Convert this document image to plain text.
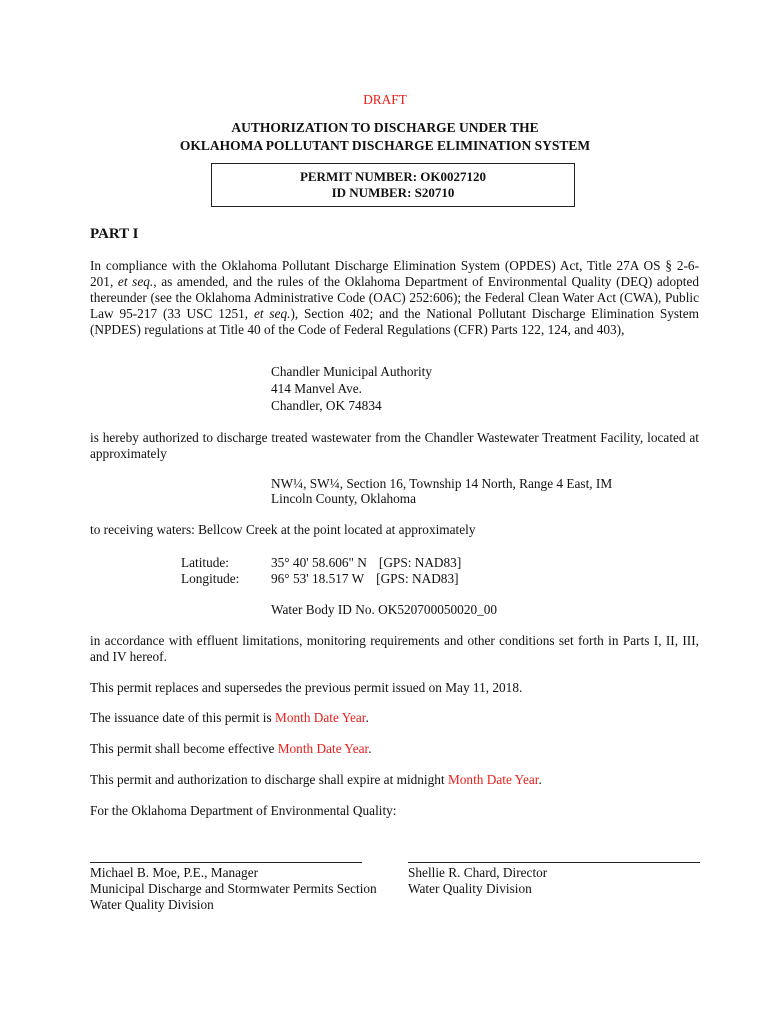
DRAFT
AUTHORIZATION TO DISCHARGE UNDER THE
OKLAHOMA POLLUTANT DISCHARGE ELIMINATION SYSTEM
PERMIT NUMBER: OK0027120
ID NUMBER: S20710
PART I
In compliance with the Oklahoma Pollutant Discharge Elimination System (OPDES) Act, Title 27A OS § 2-6-201, et seq., as amended, and the rules of the Oklahoma Department of Environmental Quality (DEQ) adopted thereunder (see the Oklahoma Administrative Code (OAC) 252:606); the Federal Clean Water Act (CWA), Public Law 95-217 (33 USC 1251, et seq.), Section 402; and the National Pollutant Discharge Elimination System (NPDES) regulations at Title 40 of the Code of Federal Regulations (CFR) Parts 122, 124, and 403),
Chandler Municipal Authority
414 Manvel Ave.
Chandler, OK 74834
is hereby authorized to discharge treated wastewater from the Chandler Wastewater Treatment Facility, located at approximately
NW¼, SW¼, Section 16, Township 14 North, Range 4 East, IM
Lincoln County, Oklahoma
to receiving waters: Bellcow Creek at the point located at approximately
Latitude:	35° 40' 58.606" N [GPS: NAD83]
Longitude: 96° 53' 18.517 W [GPS: NAD83]
Water Body ID No. OK520700050020_00
in accordance with effluent limitations, monitoring requirements and other conditions set forth in Parts I, II, III, and IV hereof.
This permit replaces and supersedes the previous permit issued on May 11, 2018.
The issuance date of this permit is Month Date Year.
This permit shall become effective Month Date Year.
This permit and authorization to discharge shall expire at midnight Month Date Year.
For the Oklahoma Department of Environmental Quality:
Michael B. Moe, P.E., Manager
Municipal Discharge and Stormwater Permits Section
Water Quality Division
Shellie R. Chard, Director
Water Quality Division
